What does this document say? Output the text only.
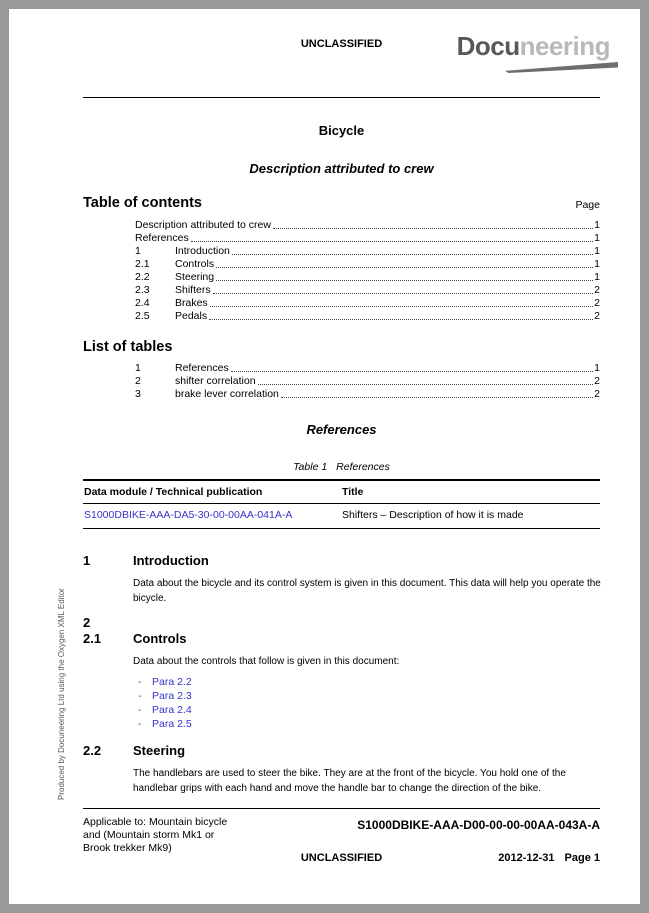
Produced by Docuneering Ltd using the Oxygen XML Editor
UNCLASSIFIED	Docuneering
Bicycle
Description attributed to crew
Table of contents	Page
Description attributed to crew	1
References	1
1	Introduction	1
2.1	Controls	1
2.2	Steering	1
2.3	Shifters	2
2.4	Brakes	2
2.5	Pedals	2
List of tables
1	References	1
2	shifter correlation	2
3	brake lever correlation	2
References
Table 1 References
Data module / Technical publication	Title
S1000DBIKE-AAA-DA5-30-00-00AA-041A-A	Shifters – Description of how it is made
1	Introduction
Data about the bicycle and its control system is given in this document. This data will help you operate the bicycle.
2
2.1	Controls
Data about the controls that follow is given in this document:
-	Para 2.2
-	Para 2.3
-	Para 2.4
-	Para 2.5
2.2	Steering
The handlebars are used to steer the bike. They are at the front of the bicycle. You hold one of the handlebar grips with each hand and move the handle bar to change the direction of the bike.
Applicable to: Mountain bicycle
and (Mountain storm Mk1 or
Brook trekker Mk9)
S1000DBIKE-AAA-D00-00-00-00AA-043A-A
UNCLASSIFIED	2012-12-31 Page 1
